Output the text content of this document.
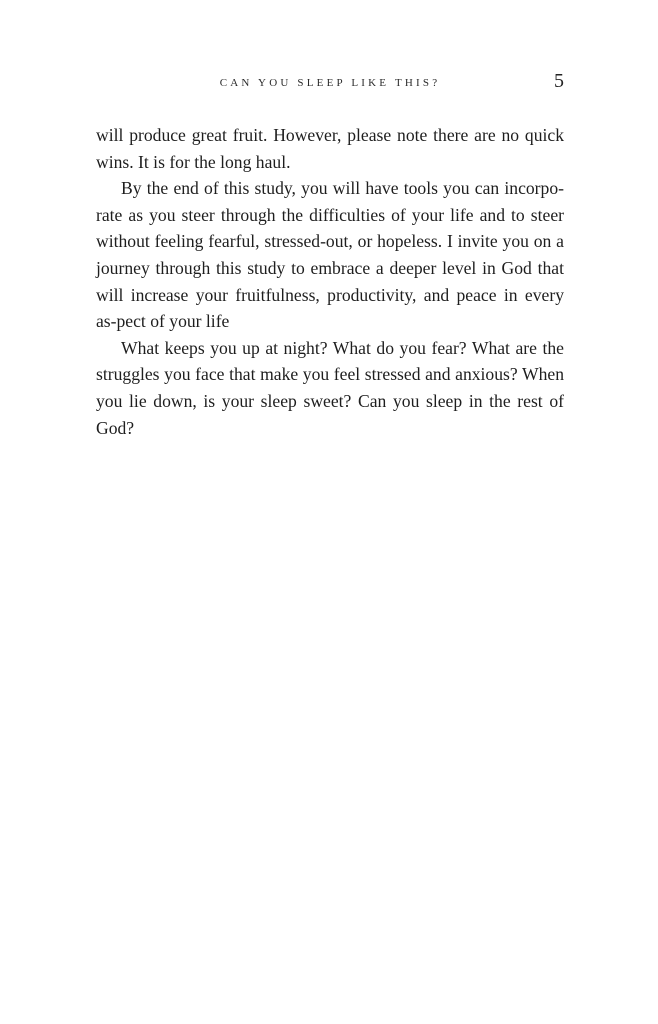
CAN YOU SLEEP LIKE THIS?	5

will produce great fruit. However, please note there are no quick wins. It is for the long haul.

By the end of this study, you will have tools you can incorpo-rate as you steer through the difficulties of your life and to steer without feeling fearful, stressed-out, or hopeless. I invite you on a journey through this study to embrace a deeper level in God that will increase your fruitfulness, productivity, and peace in every as-pect of your life

What keeps you up at night? What do you fear? What are the struggles you face that make you feel stressed and anxious? When you lie down, is your sleep sweet? Can you sleep in the rest of God?
